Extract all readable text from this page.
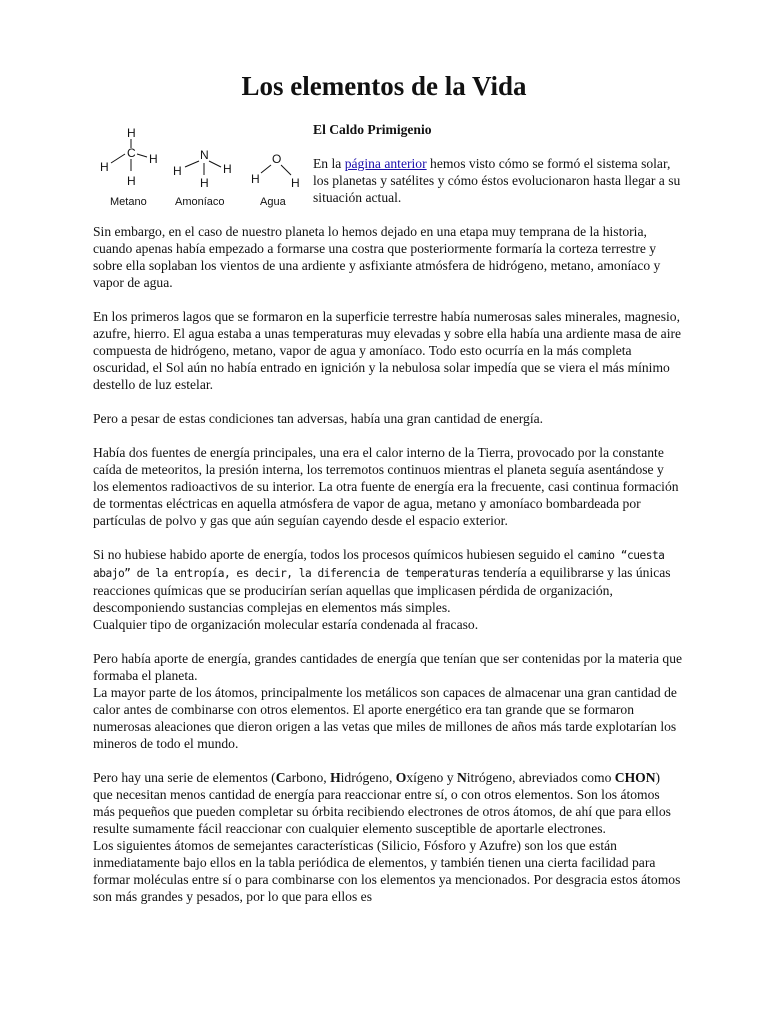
Los elementos de la Vida
H
C
H
H
H
Metano
N
H	H
H
Amoníaco
O
H	H
Agua
El Caldo Primigenio

En la página anterior hemos visto cómo se formó el sistema solar, los planetas y satélites y cómo éstos evolucionaron hasta llegar a su situación actual.

Sin embargo, en el caso de nuestro planeta lo hemos dejado en una etapa muy temprana de la historia, cuando apenas había empezado a formarse una costra que posteriormente formaría la corteza terrestre y sobre ella soplaban los vientos de una ardiente y asfixiante atmósfera de hidrógeno, metano, amoníaco y vapor de agua.

En los primeros lagos que se formaron en la superficie terrestre había numerosas sales minerales, magnesio, azufre, hierro. El agua estaba a unas temperaturas muy elevadas y sobre ella había una ardiente masa de aire compuesta de hidrógeno, metano, vapor de agua y amoníaco. Todo esto ocurría en la más completa oscuridad, el Sol aún no había entrado en ignición y la nebulosa solar impedía que se viera el más mínimo destello de luz estelar.

Pero a pesar de estas condiciones tan adversas, había una gran cantidad de energía.

Había dos fuentes de energía principales, una era el calor interno de la Tierra, provocado por la constante caída de meteoritos, la presión interna, los terremotos continuos mientras el planeta seguía asentándose y los elementos radioactivos de su interior. La otra fuente de energía era la frecuente, casi continua formación de tormentas eléctricas en aquella atmósfera de vapor de agua, metano y amoníaco bombardeada por partículas de polvo y gas que aún seguían cayendo desde el espacio exterior.

Si no hubiese habido aporte de energía, todos los procesos químicos hubiesen seguido el camino “cuesta abajo” de la entropía, es decir, la diferencia de temperaturas tendería a equilibrarse y las únicas reacciones químicas que se producirían serían aquellas que implicasen pérdida de organización, descomponiendo sustancias complejas en elementos más simples.
Cualquier tipo de organización molecular estaría condenada al fracaso.

Pero había aporte de energía, grandes cantidades de energía que tenían que ser contenidas por la materia que formaba el planeta.
La mayor parte de los átomos, principalmente los metálicos son capaces de almacenar una gran cantidad de calor antes de combinarse con otros elementos. El aporte energético era tan grande que se formaron numerosas aleaciones que dieron origen a las vetas que miles de millones de años más tarde explotarían los mineros de todo el mundo.

Pero hay una serie de elementos (Carbono, Hidrógeno, Oxígeno y Nitrógeno, abreviados como CHON) que necesitan menos cantidad de energía para reaccionar entre sí, o con otros elementos. Son los átomos más pequeños que pueden completar su órbita recibiendo electrones de otros átomos, de ahí que para ellos resulte sumamente fácil reaccionar con cualquier elemento susceptible de aportarle electrones.
Los siguientes átomos de semejantes características (Silicio, Fósforo y Azufre) son los que están inmediatamente bajo ellos en la tabla periódica de elementos, y también tienen una cierta facilidad para formar moléculas entre sí o para combinarse con los elementos ya mencionados. Por desgracia estos átomos son más grandes y pesados, por lo que para ellos es
